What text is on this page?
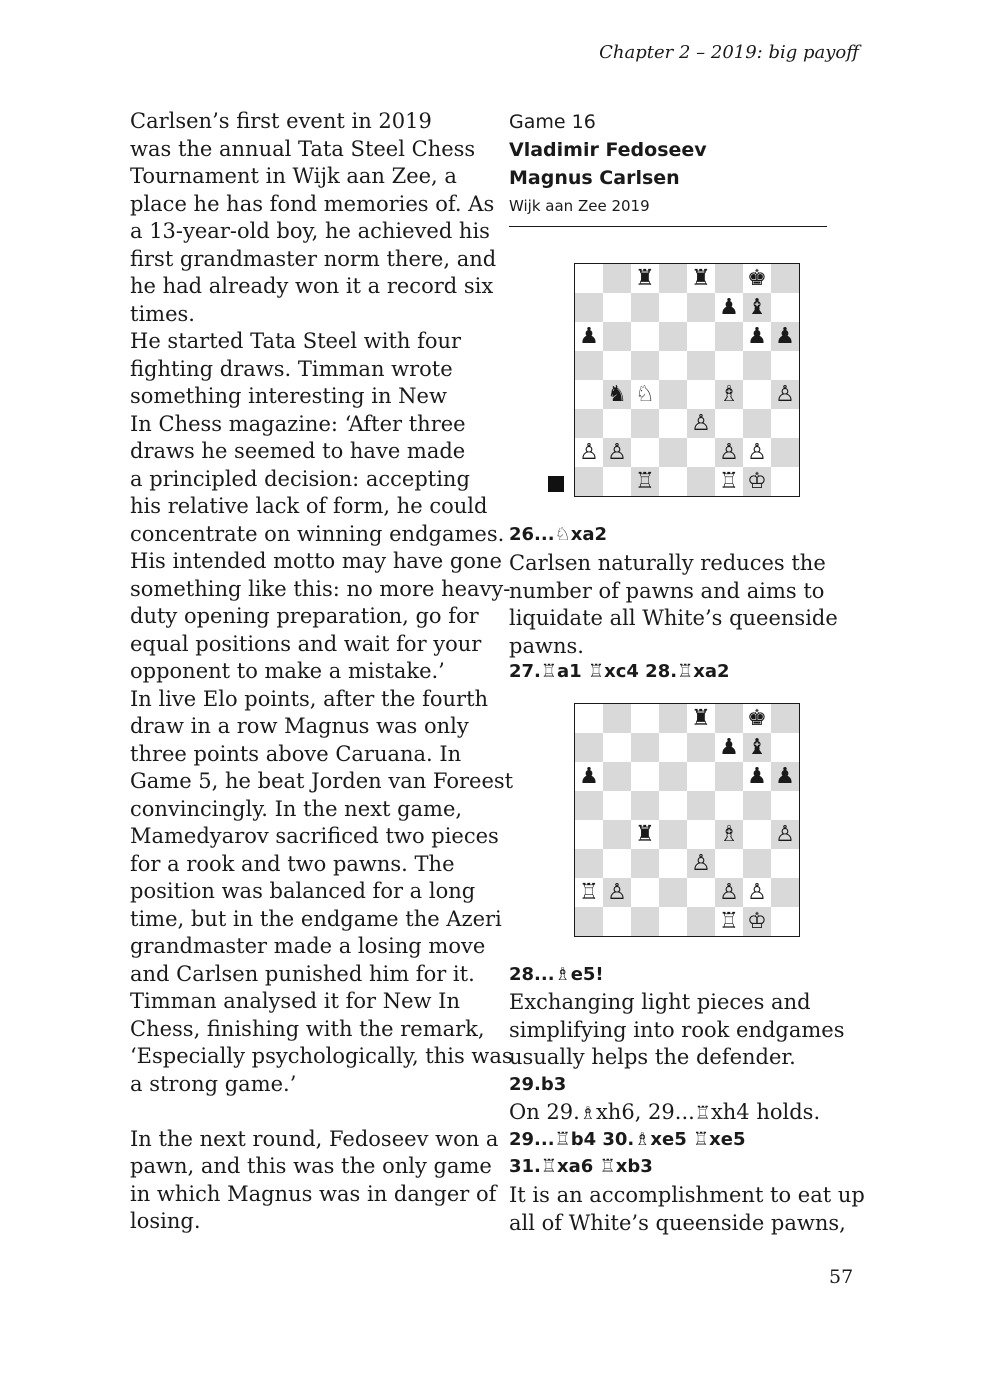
Chapter 2 – 2019: big payoff

Carlsen’s first event in 2019

was the annual Tata Steel Chess

Tournament in Wijk aan Zee, a

place he has fond memories of. As

a 13-year-old boy, he achieved his

first grandmaster norm there, and

he had already won it a record six

times.

He started Tata Steel with four

fighting draws. Timman wrote

something interesting in New

In Chess magazine: ‘After three

draws he seemed to have made

a principled decision: accepting

his relative lack of form, he could

concentrate on winning endgames.

His intended motto may have gone

something like this: no more heavy-

duty opening preparation, go for

equal positions and wait for your

opponent to make a mistake.’

In live Elo points, after the fourth

draw in a row Magnus was only

three points above Caruana. In

Game 5, he beat Jorden van Foreest

convincingly. In the next game,

Mamedyarov sacrificed two pieces

for a rook and two pawns. The

position was balanced for a long

time, but in the endgame the Azeri

grandmaster made a losing move

and Carlsen punished him for it.

Timman analysed it for New In

Chess, finishing with the remark,

‘Especially psychologically, this was

a strong game.’

In the next round, Fedoseev won a

pawn, and this was the only game

in which Magnus was in danger of

losing.

Game 16
Vladimir Fedoseev
Magnus Carlsen
Wijk aan Zee 2019
♜ ♜ ♚
♟ ♝
♟	♟ ♟
♞ ♘	♗ ♙
♙
♙ ♙	♙ ♙
♖	♖ ♔
26...♘xa2

Carlsen naturally reduces the

number of pawns and aims to

liquidate all White’s queenside

pawns.

27.♖a1 ♖xc4 28.♖xa2
♜ ♚
♟ ♝
♟	♟ ♟
♜	♗ ♙
♙
♖ ♙	♙ ♙
♖ ♔
28...♗e5!

Exchanging light pieces and

simplifying into rook endgames

usually helps the defender.

29.b3

On 29.♗xh6, 29...♖xh4 holds.

29...♖b4 30.♗xe5 ♖xe5
31.♖xa6 ♖xb3

It is an accomplishment to eat up

all of White’s queenside pawns,

57
